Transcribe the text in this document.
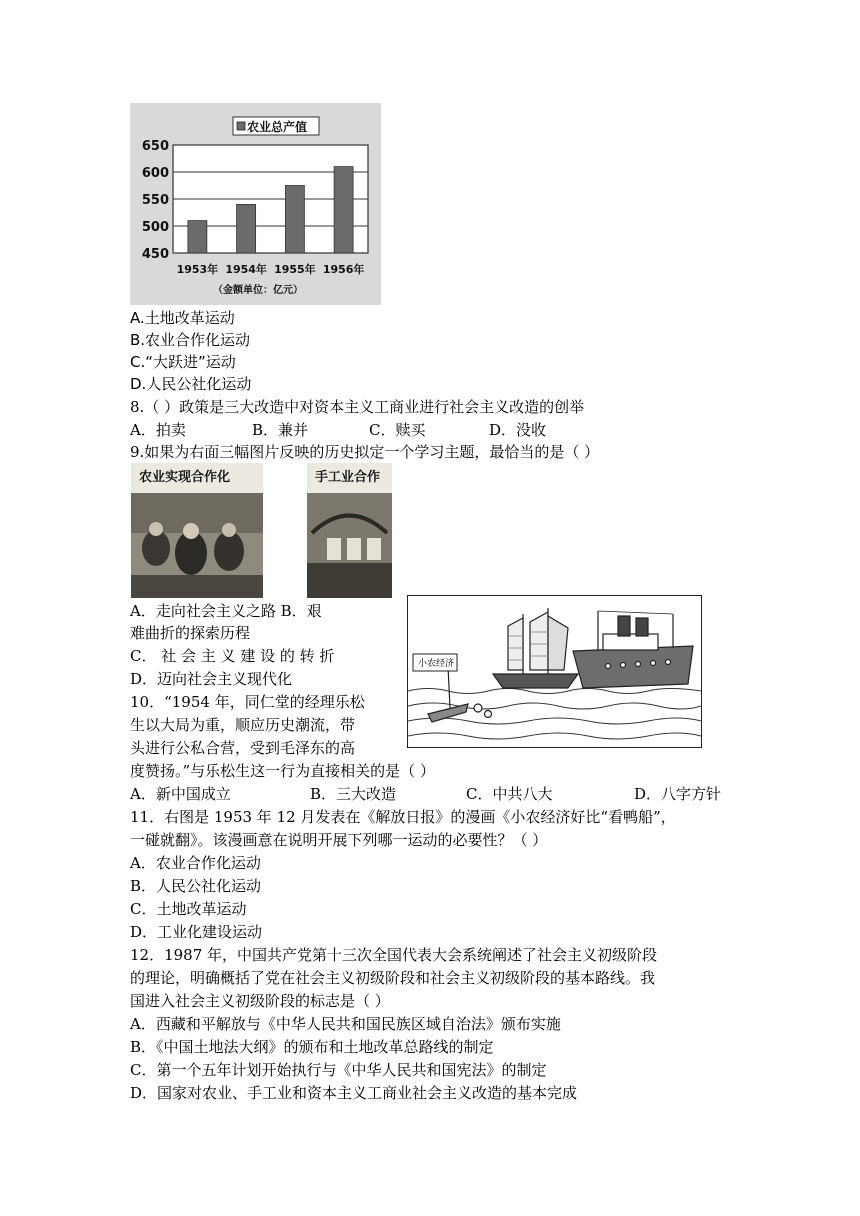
450
500
550
600
650
1953年 1954年 1955年 1956年
农业总产值
（金额单位：亿元）
A.土地改革运动
B.农业合作化运动
C.“大跃进”运动
D.人民公社化运动
8.（ ）政策是三大改造中对资本主义工商业进行社会主义改造的创举
A．拍卖	B．兼并	C．赎买	D．没收
9.如果为右面三幅图片反映的历史拟定一个学习主题，最恰当的是（ ）
农业实现合作化	手工业合作
A．走向社会主义之路 B．艰
难曲折的探索历程
C． 社 会 主 义 建 设 的 转 折
D．迈向社会主义现代化
小农经济
10．“1954 年，同仁堂的经理乐松
生以大局为重，顺应历史潮流，带
头进行公私合营，受到毛泽东的高
度赞扬。”与乐松生这一行为直接相关的是（ ）
A．新中国成立	B．三大改造	C．中共八大	D．八字方针
11．右图是 1953 年 12 月发表在《解放日报》的漫画《小农经济好比“看鸭船”，
一碰就翻》。该漫画意在说明开展下列哪一运动的必要性？（ ）
A．农业合作化运动
B．人民公社化运动
C．土地改革运动
D．工业化建设运动
12．1987 年，中国共产党第十三次全国代表大会系统阐述了社会主义初级阶段
的理论，明确概括了党在社会主义初级阶段和社会主义初级阶段的基本路线。我
国进入社会主义初级阶段的标志是（ ）
A．西藏和平解放与《中华人民共和国民族区域自治法》颁布实施
B．《中国土地法大纲》的颁布和土地改革总路线的制定
C．第一个五年计划开始执行与《中华人民共和国宪法》的制定
D．国家对农业、手工业和资本主义工商业社会主义改造的基本完成
